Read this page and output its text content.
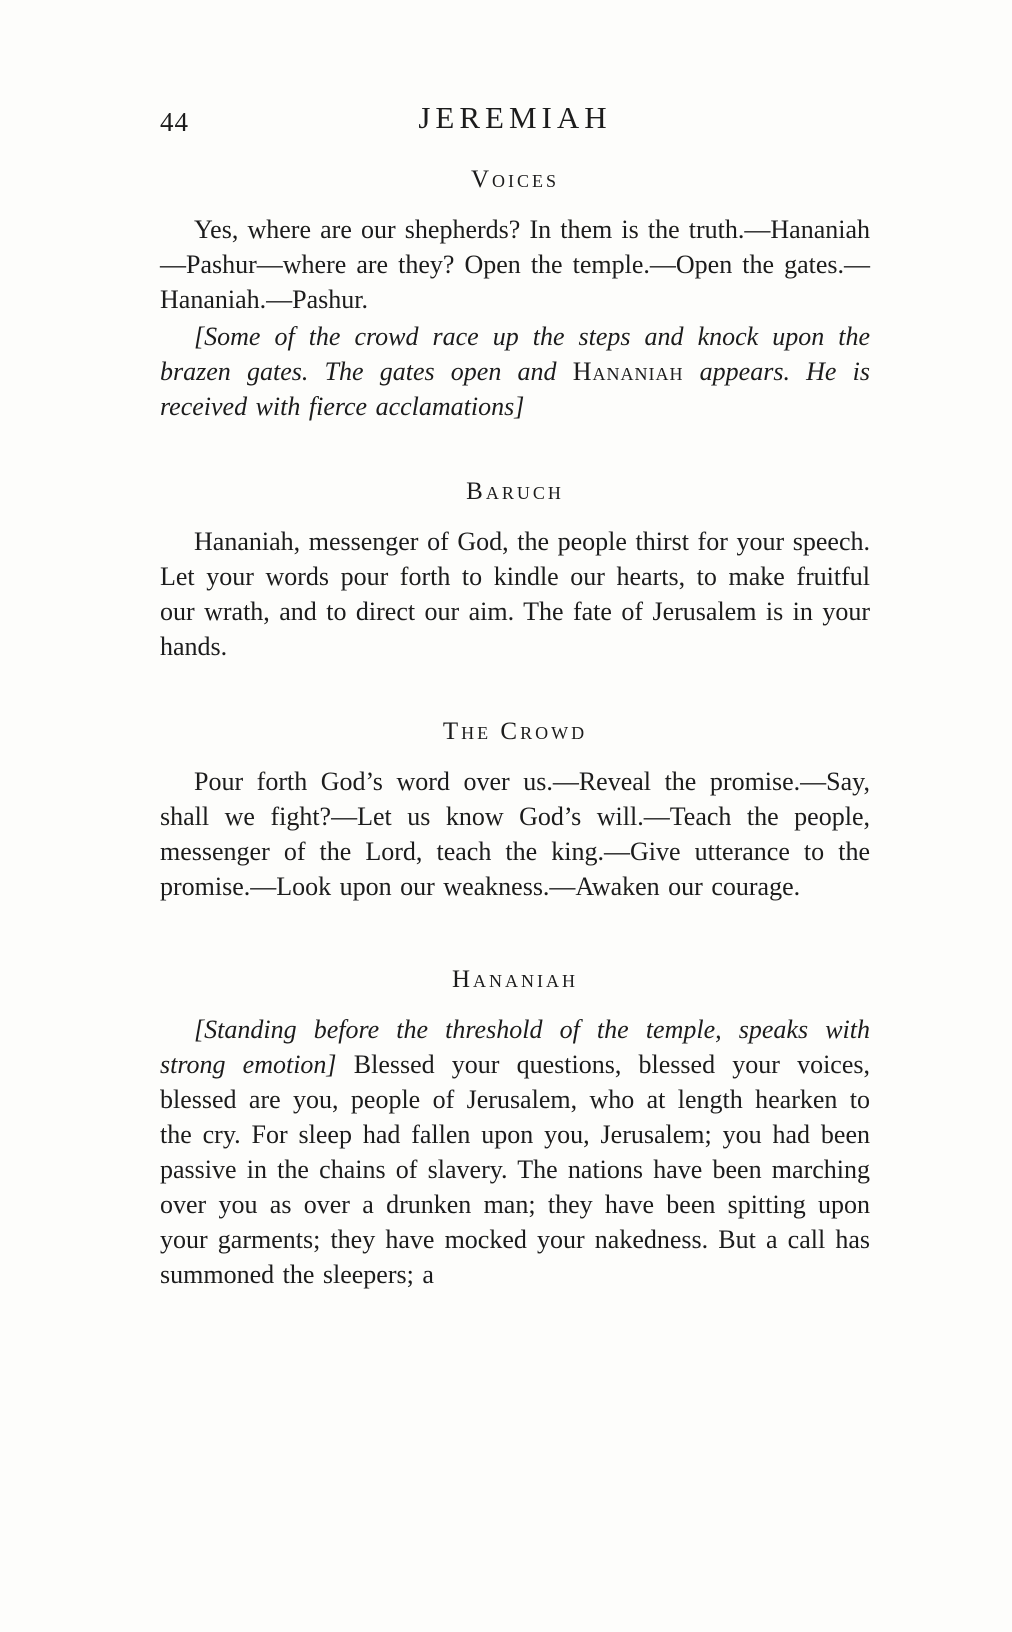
44	JEREMIAH
Voices

Yes, where are our shepherds? In them is the truth.—Hananiah—Pashur—where are they? Open the temple.—Open the gates.—Hananiah.—Pashur.

[Some of the crowd race up the steps and knock upon the brazen gates. The gates open and Hananiah appears. He is received with fierce acclamations]

Baruch

Hananiah, messenger of God, the people thirst for your speech. Let your words pour forth to kindle our hearts, to make fruitful our wrath, and to direct our aim. The fate of Jerusalem is in your hands.

The Crowd

Pour forth God’s word over us.—Reveal the promise.—Say, shall we fight?—Let us know God’s will.—Teach the people, messenger of the Lord, teach the king.—Give utterance to the promise.—Look upon our weakness.—Awaken our courage.

Hananiah

[Standing before the threshold of the temple, speaks with strong emotion] Blessed your questions, blessed your voices, blessed are you, people of Jerusalem, who at length hearken to the cry. For sleep had fallen upon you, Jerusalem; you had been passive in the chains of slavery. The nations have been marching over you as over a drunken man; they have been spitting upon your garments; they have mocked your nakedness. But a call has summoned the sleepers; a
